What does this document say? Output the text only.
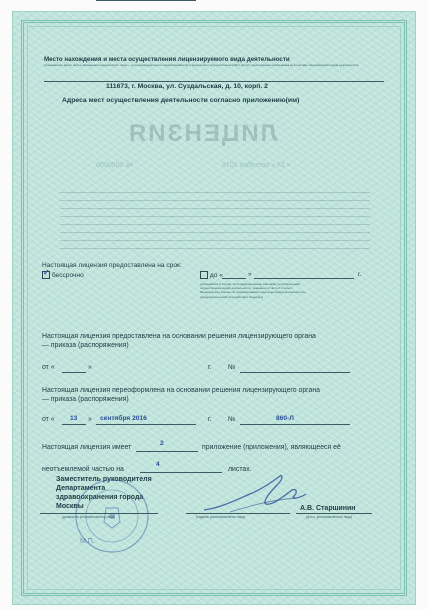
Место нахождения и места осуществления лицензируемого вида деятельности
(указываются адрес места нахождения юридического лица — для индивидуального предпринимателя) и адреса мест осуществления работ (услуг), выполняемых (оказываемых) в составе лицензируемого вида деятельности
111673, г. Москва, ул. Суздальская, д. 10, корп. 2
Адреса мест осуществления деятельности согласно приложению(им)
ЛИЦЕНЗИЯ
« 13 » сентября 2016
№ 0000000
Настоящая лицензия предоставлена на срок:
✓ бессрочно	до «	»	г.
(указывается в случае, если федеральными законами, регулирующими осуществление видов деятельности, указанных в части 4 статьи 1 Федерального закона «О лицензировании отдельных видов деятельности», предусмотрен иной срок действия лицензии)
Настоящая лицензия предоставлена на основании решения лицензирующего органа
— приказа (распоряжения)
от «	»	г. №
Настоящая лицензия переоформлена на основании решения лицензирующего органа
— приказа (распоряжения)
от « 13 » сентября 2016	г. №	860-Л
Настоящая лицензия имеет
2
приложение (приложения), являющееся её
неотъемлемой частью на
4
листах.
Заместитель руководителя
Департамента
здравоохранения города
Москвы
(должность уполномоченного лица)	(подпись уполномоченного лица)
А.В. Старшинин
(ф.и.о. уполномоченного лица)
М.П.
